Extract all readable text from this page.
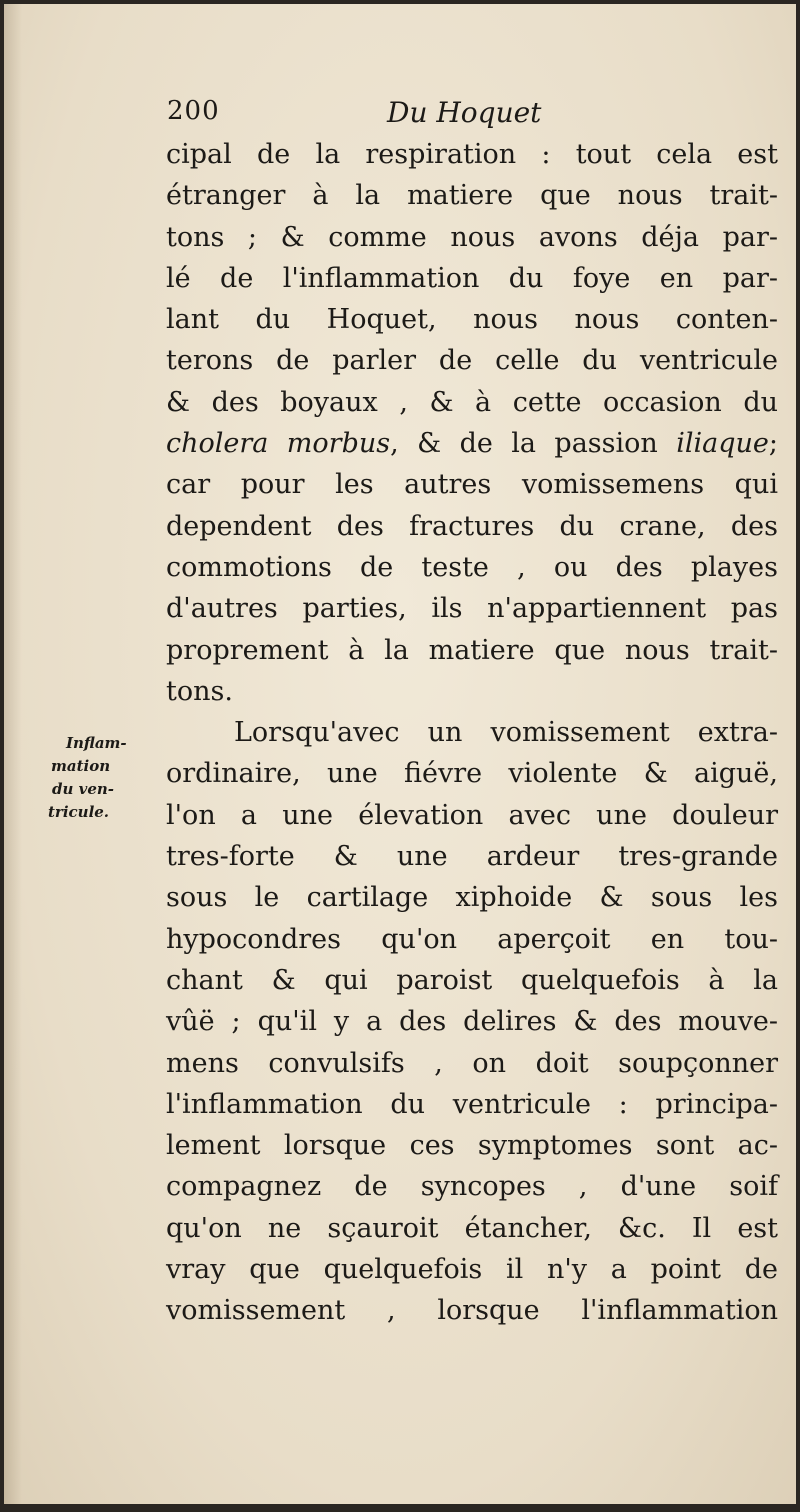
200	Du Hoquet
Inflam-
mation
du ven-
tricule.
cipal de la respiration : tout cela est
étranger à la matiere que nous trait-
tons ; & comme nous avons déja par-
lé de l'inflammation du foye en par-
lant du Hoquet, nous nous conten-
terons de parler de celle du ventricule
& des boyaux , & à cette occasion du
cholera morbus, & de la passion iliaque;
car pour les autres vomissemens qui
dependent des fractures du crane, des
commotions de teste , ou des playes
d'autres parties, ils n'appartiennent pas
proprement à la matiere que nous trait-
tons.
Lorsqu'avec un vomissement extra-
ordinaire, une fiévre violente & aiguë,
l'on a une élevation avec une douleur
tres-forte & une ardeur tres-grande
sous le cartilage xiphoide & sous les
hypocondres qu'on aperçoit en tou-
chant & qui paroist quelquefois à la
vûë ; qu'il y a des delires & des mouve-
mens convulsifs , on doit soupçonner
l'inflammation du ventricule : principa-
lement lorsque ces symptomes sont ac-
compagnez de syncopes , d'une soif
qu'on ne sçauroit étancher, &c. Il est
vray que quelquefois il n'y a point de
vomissement , lorsque l'inflammation
